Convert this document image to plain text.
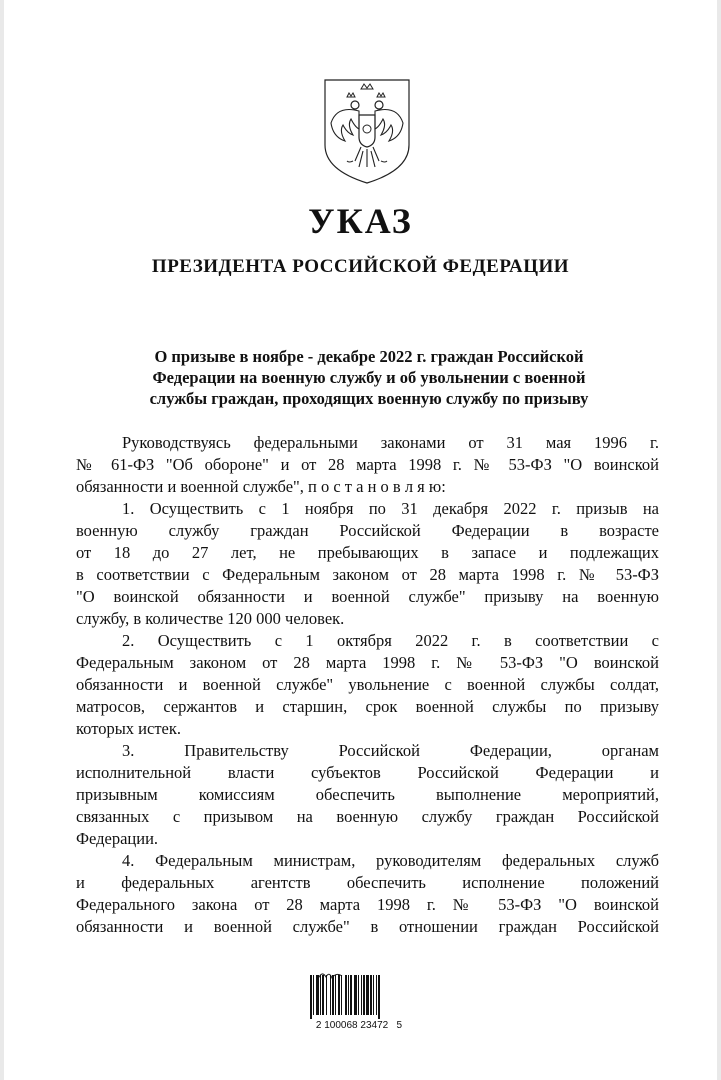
УКАЗ
ПРЕЗИДЕНТА РОССИЙСКОЙ ФЕДЕРАЦИИ
О призыве в ноябре - декабре 2022 г. граждан Российской
Федерации на военную службу и об увольнении с военной
службы граждан, проходящих военную службу по призыву
Руководствуясь федеральными законами от 31 мая 1996 г.
№ 61-ФЗ "Об обороне" и от 28 марта 1998 г. № 53-ФЗ "О воинской
обязанности и военной службе", п о с т а н о в л я ю:
1. Осуществить с 1 ноября по 31 декабря 2022 г. призыв на
военную службу граждан Российской Федерации в возрасте
от 18 до 27 лет, не пребывающих в запасе и подлежащих
в соответствии с Федеральным законом от 28 марта 1998 г. № 53-ФЗ
"О воинской обязанности и военной службе" призыву на военную
службу, в количестве 120 000 человек.
2. Осуществить с 1 октября 2022 г. в соответствии с
Федеральным законом от 28 марта 1998 г. № 53-ФЗ "О воинской
обязанности и военной службе" увольнение с военной службы солдат,
матросов, сержантов и старшин, срок военной службы по призыву
которых истек.
3. Правительству Российской Федерации, органам
исполнительной власти субъектов Российской Федерации и
призывным комиссиям обеспечить выполнение мероприятий,
связанных с призывом на военную службу граждан Российской
Федерации.
4. Федеральным министрам, руководителям федеральных служб
и федеральных агентств обеспечить исполнение положений
Федерального закона от 28 марта 1998 г. № 53-ФЗ "О воинской
обязанности и военной службе" в отношении граждан Российской
2 100068 23472   5
